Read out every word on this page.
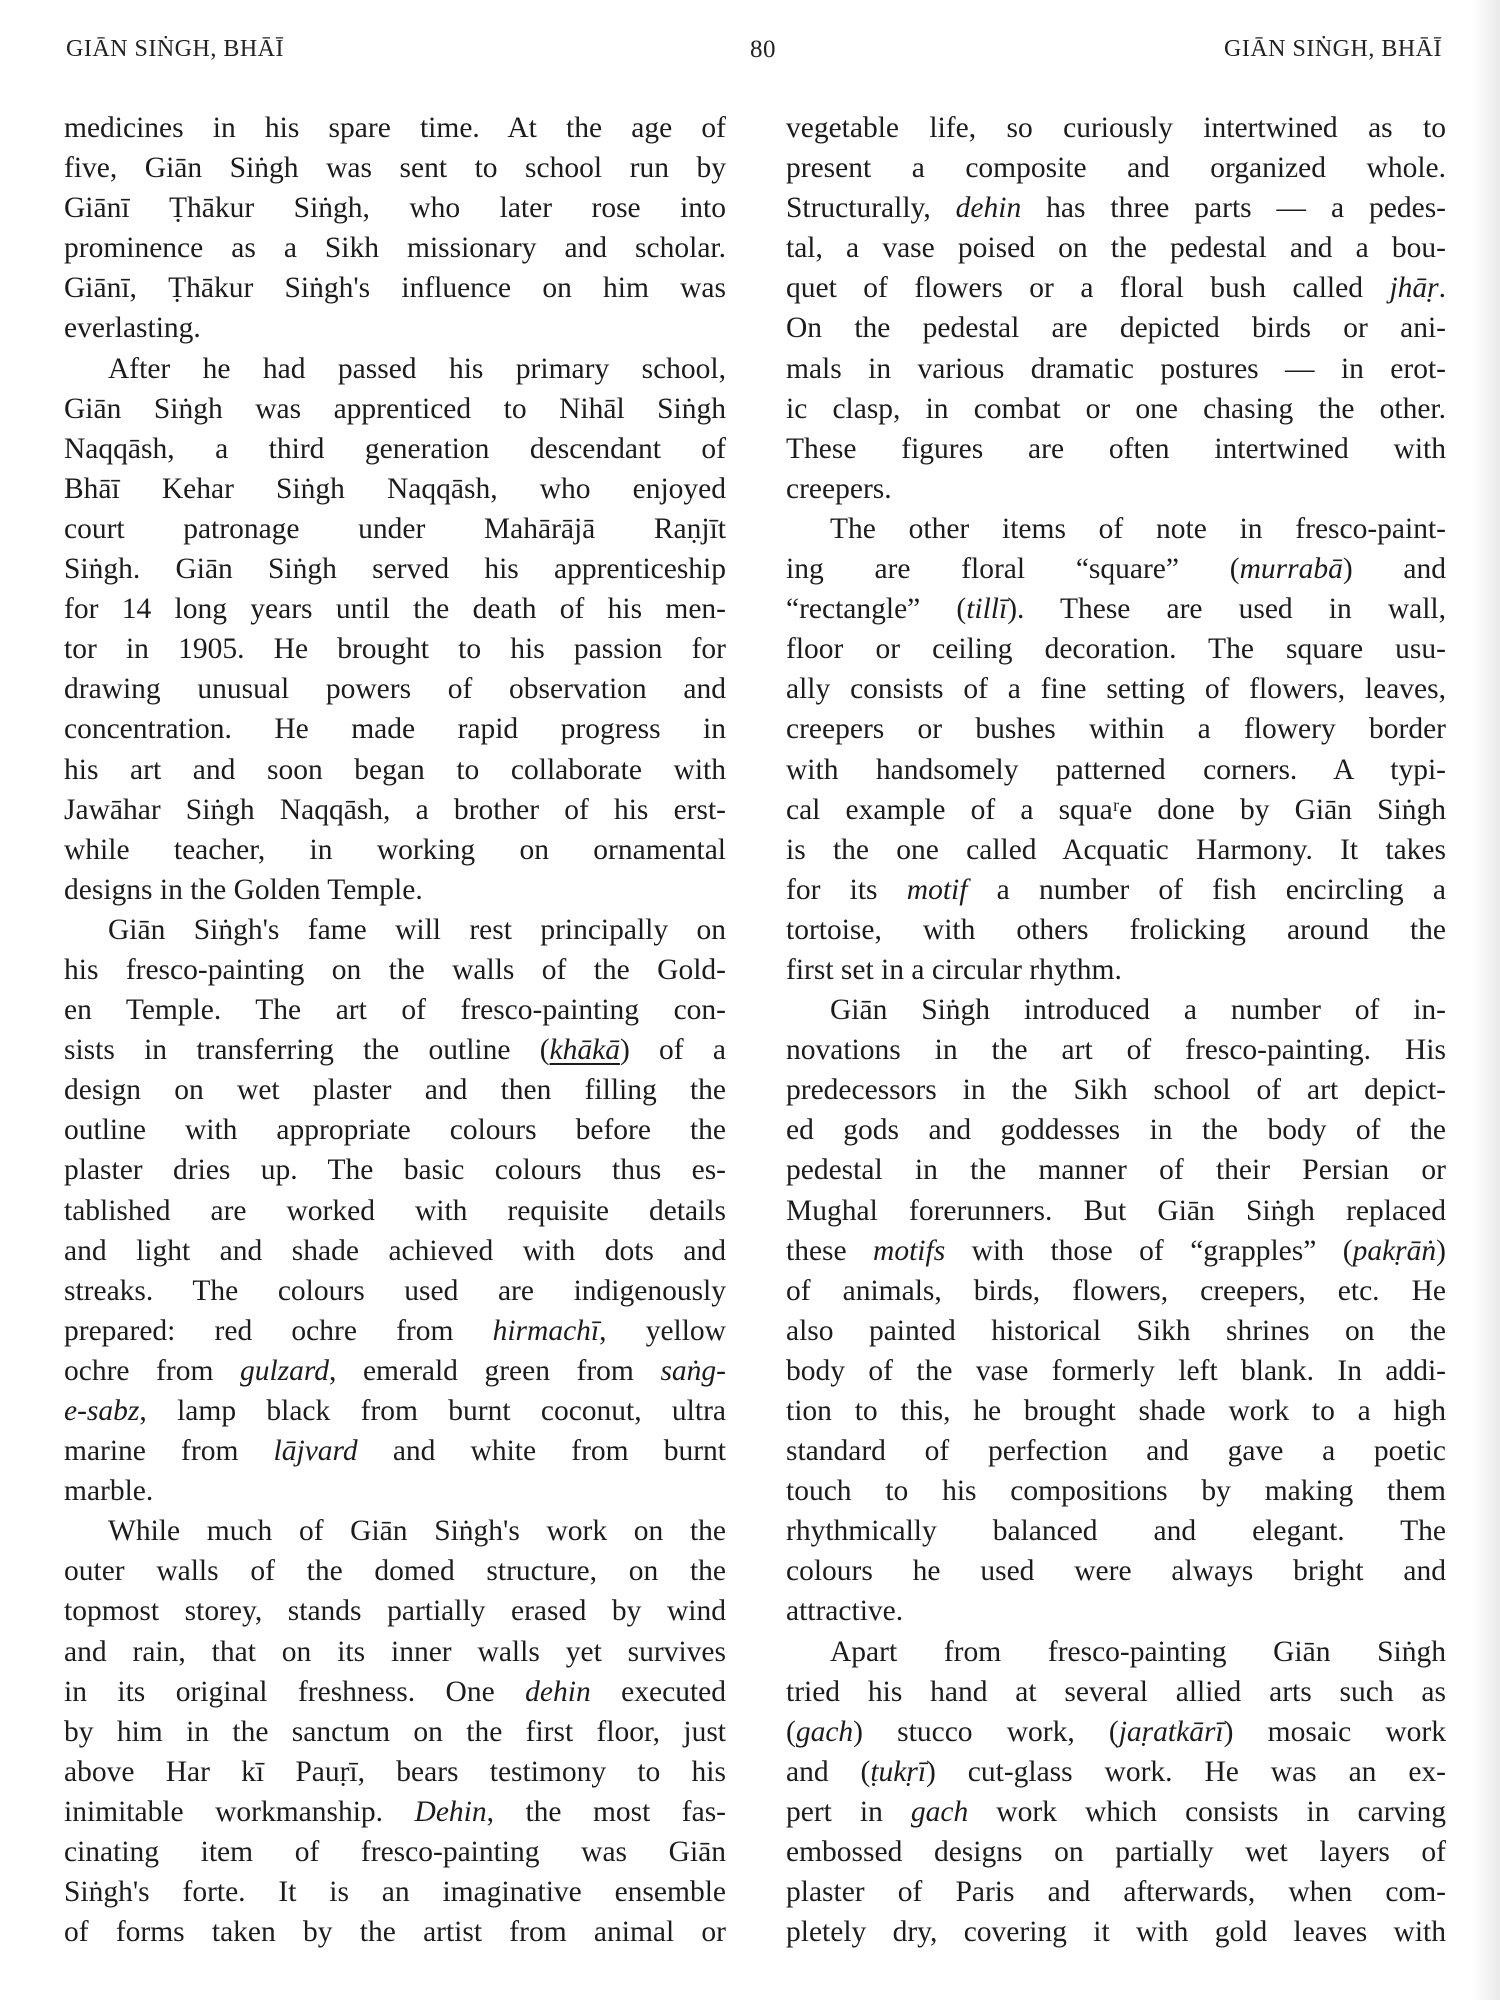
GIĀN SIṄGH, BHĀĪ	80	GIĀN SIṄGH, BHĀĪ
medicines in his spare time. At the age of
five, Giān Siṅgh was sent to school run by
Giānī Ṭhākur Siṅgh, who later rose into
prominence as a Sikh missionary and scholar.
Giānī, Ṭhākur Siṅgh's influence on him was
everlasting.
After he had passed his primary school,
Giān Siṅgh was apprenticed to Nihāl Siṅgh
Naqqāsh, a third generation descendant of
Bhāī Kehar Siṅgh Naqqāsh, who enjoyed
court patronage under Mahārājā Raṇjīt
Siṅgh. Giān Siṅgh served his apprenticeship
for 14 long years until the death of his men-
tor in 1905. He brought to his passion for
drawing unusual powers of observation and
concentration. He made rapid progress in
his art and soon began to collaborate with
Jawāhar Siṅgh Naqqāsh, a brother of his erst-
while teacher, in working on ornamental
designs in the Golden Temple.
Giān Siṅgh's fame will rest principally on
his fresco-painting on the walls of the Gold-
en Temple. The art of fresco-painting con-
sists in transferring the outline (khākā) of a
design on wet plaster and then filling the
outline with appropriate colours before the
plaster dries up. The basic colours thus es-
tablished are worked with requisite details
and light and shade achieved with dots and
streaks. The colours used are indigenously
prepared: red ochre from hirmachī, yellow
ochre from gulzard, emerald green from saṅg-
e-sabz, lamp black from burnt coconut, ultra
marine from lājvard and white from burnt
marble.
While much of Giān Siṅgh's work on the
outer walls of the domed structure, on the
topmost storey, stands partially erased by wind
and rain, that on its inner walls yet survives
in its original freshness. One dehin executed
by him in the sanctum on the first floor, just
above Har kī Pauṛī, bears testimony to his
inimitable workmanship. Dehin, the most fas-
cinating item of fresco-painting was Giān
Siṅgh's forte. It is an imaginative ensemble
of forms taken by the artist from animal or
vegetable life, so curiously intertwined as to
present a composite and organized whole.
Structurally, dehin has three parts — a pedes-
tal, a vase poised on the pedestal and a bou-
quet of flowers or a floral bush called jhāṛ.
On the pedestal are depicted birds or ani-
mals in various dramatic postures — in erot-
ic clasp, in combat or one chasing the other.
These figures are often intertwined with
creepers.
The other items of note in fresco-paint-
ing are floral “square” (murrabā) and
“rectangle” (tillī). These are used in wall,
floor or ceiling decoration. The square usu-
ally consists of a fine setting of flowers, leaves,
creepers or bushes within a flowery border
with handsomely patterned corners. A typi-
cal example of a squaʳe done by Giān Siṅgh
is the one called Acquatic Harmony. It takes
for its motif a number of fish encircling a
tortoise, with others frolicking around the
first set in a circular rhythm.
Giān Siṅgh introduced a number of in-
novations in the art of fresco-painting. His
predecessors in the Sikh school of art depict-
ed gods and goddesses in the body of the
pedestal in the manner of their Persian or
Mughal forerunners. But Giān Siṅgh replaced
these motifs with those of “grapples” (pakṛāṅ)
of animals, birds, flowers, creepers, etc. He
also painted historical Sikh shrines on the
body of the vase formerly left blank. In addi-
tion to this, he brought shade work to a high
standard of perfection and gave a poetic
touch to his compositions by making them
rhythmically balanced and elegant. The
colours he used were always bright and
attractive.
Apart from fresco-painting Giān Siṅgh
tried his hand at several allied arts such as
(gach) stucco work, (jaṛatkārī) mosaic work
and (ṭukṛī) cut-glass work. He was an ex-
pert in gach work which consists in carving
embossed designs on partially wet layers of
plaster of Paris and afterwards, when com-
pletely dry, covering it with gold leaves with
